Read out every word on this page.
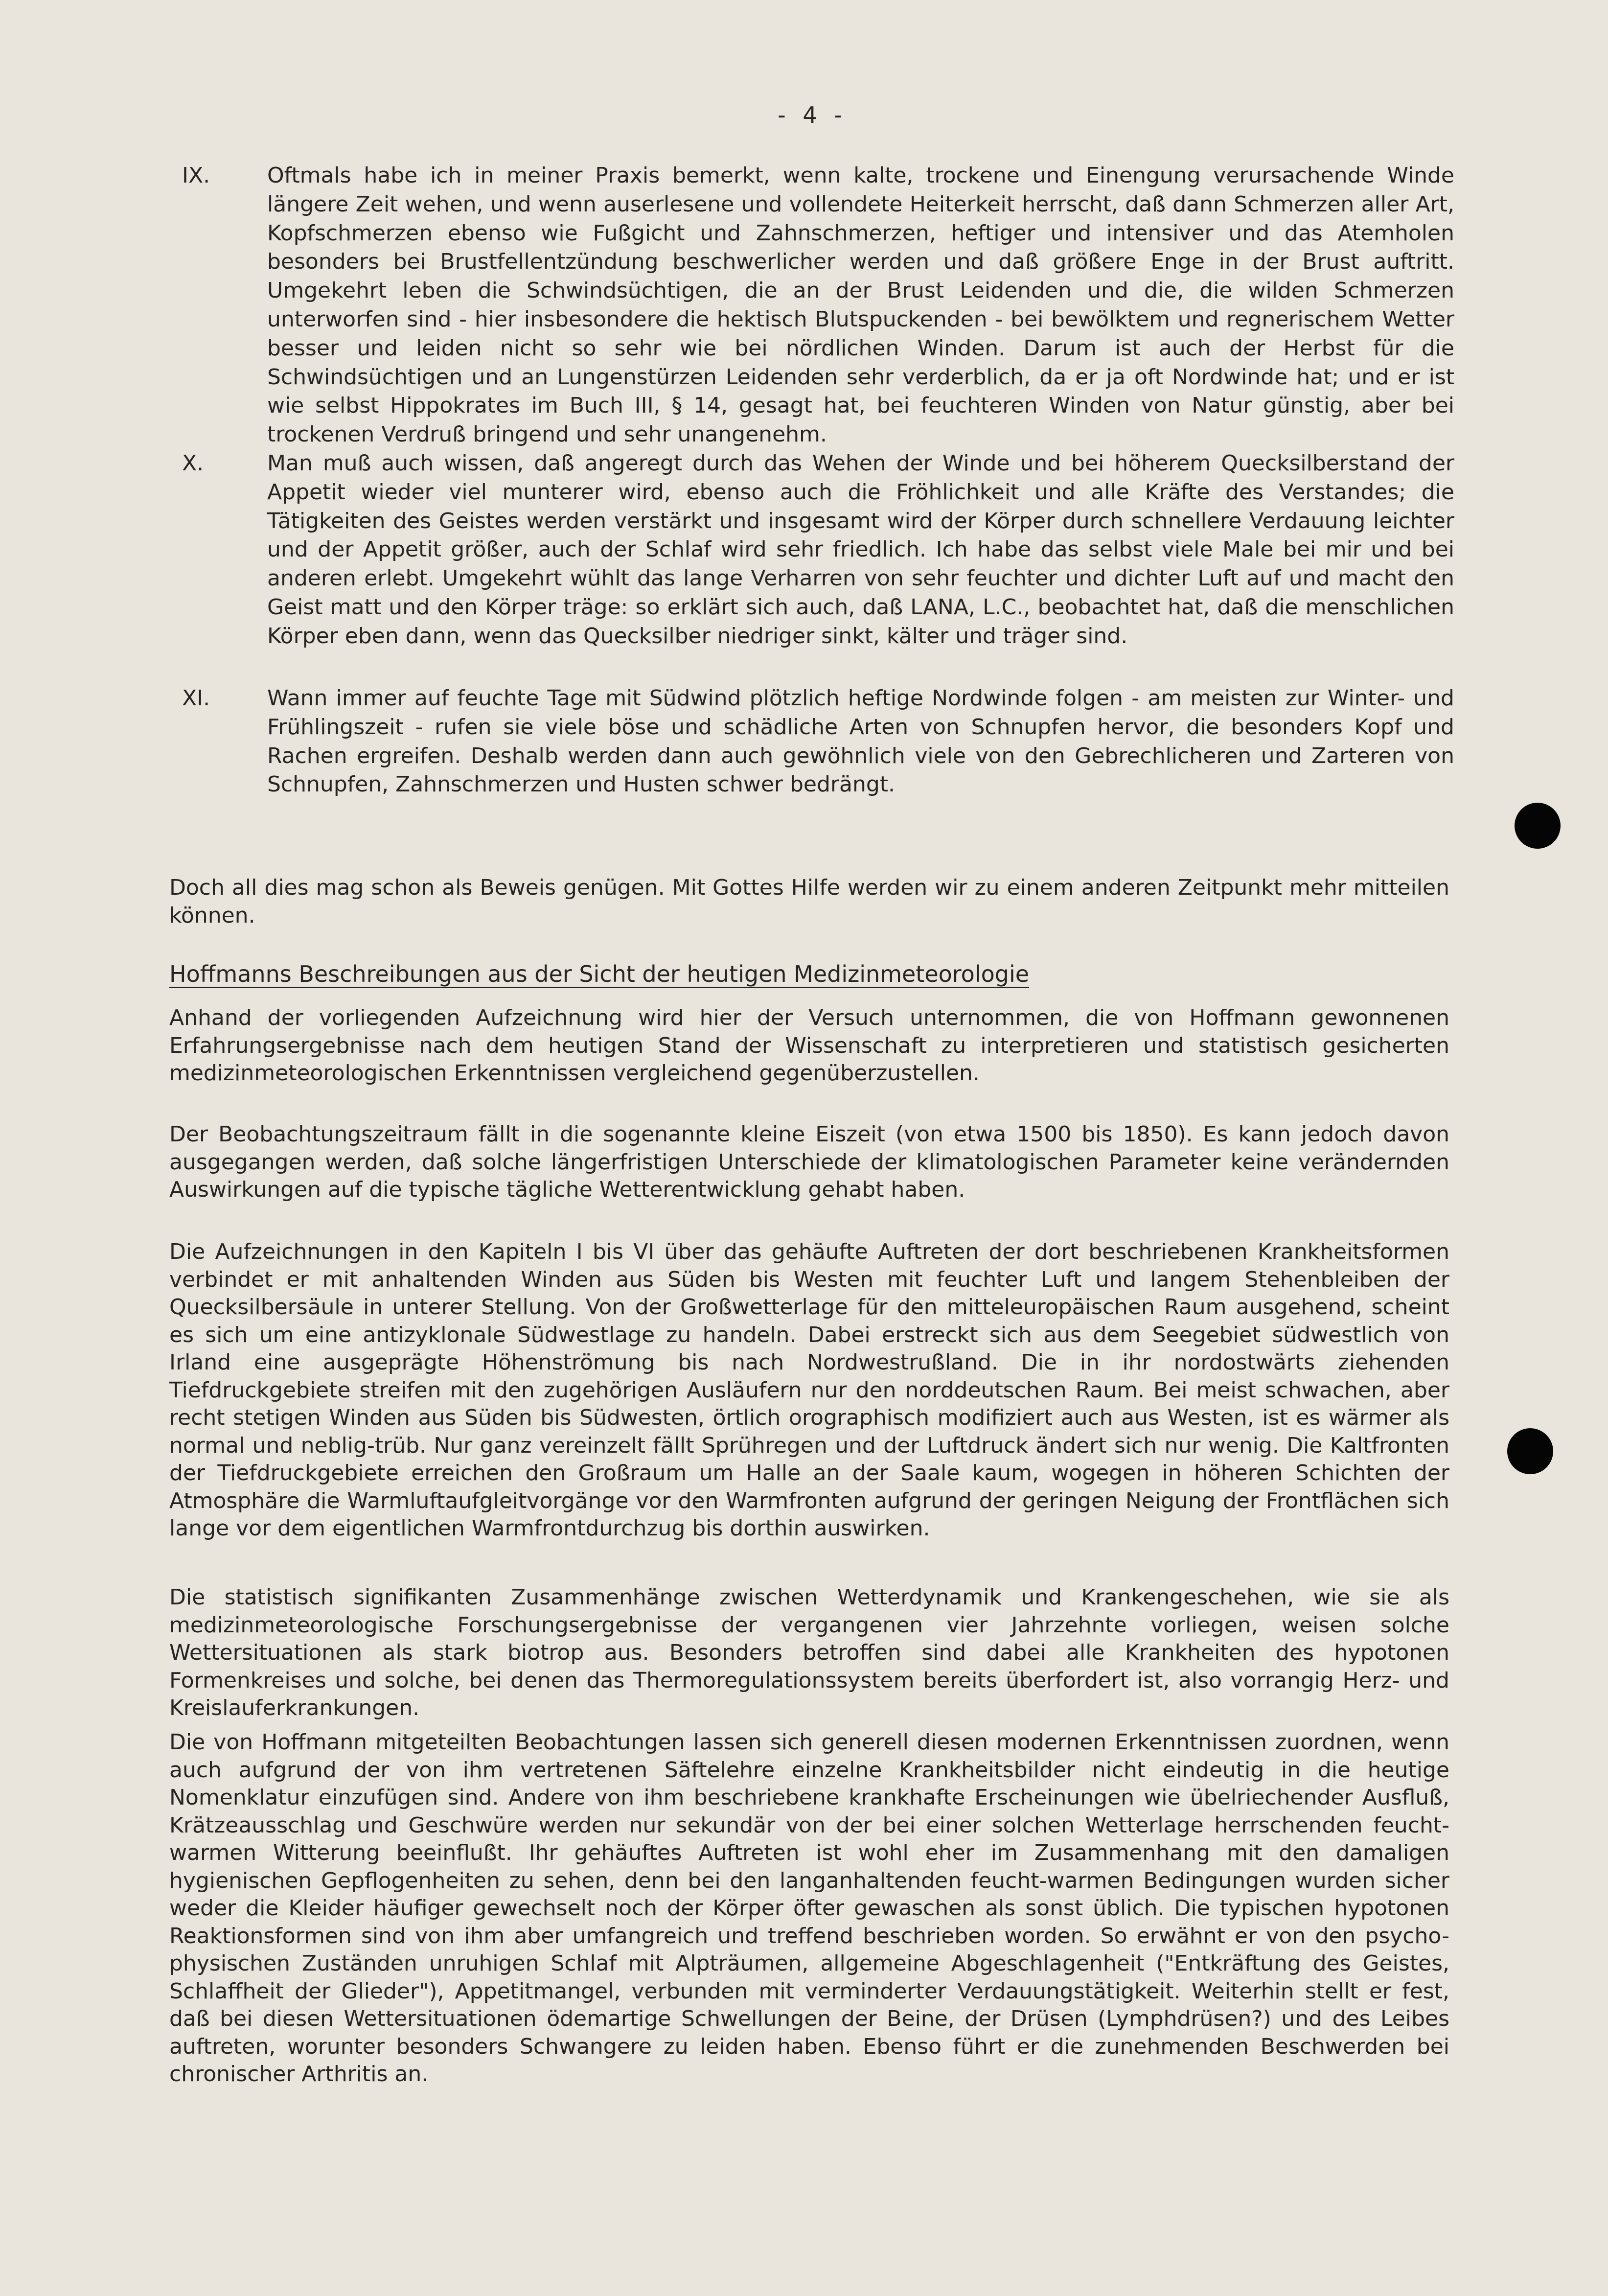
- 4 -
IX.	Oftmals habe ich in meiner Praxis bemerkt, wenn kalte, trockene und Einengung verursachende Winde längere Zeit wehen, und wenn auserlesene und vollendete Heiterkeit herrscht, daß dann Schmerzen aller Art, Kopfschmerzen ebenso wie Fußgicht und Zahnschmerzen, heftiger und intensiver und das Atemholen besonders bei Brustfellentzündung beschwerlicher werden und daß größere Enge in der Brust auftritt. Umgekehrt leben die Schwindsüchtigen, die an der Brust Leidenden und die, die wilden Schmerzen unterworfen sind - hier insbesondere die hektisch Blutspuckenden - bei bewölktem und regnerischem Wetter besser und leiden nicht so sehr wie bei nördlichen Winden. Darum ist auch der Herbst für die Schwindsüchtigen und an Lungenstürzen Leidenden sehr verderblich, da er ja oft Nordwinde hat; und er ist wie selbst Hippokrates im Buch III, § 14, gesagt hat, bei feuchteren Winden von Natur günstig, aber bei trockenen Verdruß bringend und sehr unangenehm.
X.	Man muß auch wissen, daß angeregt durch das Wehen der Winde und bei höherem Quecksilberstand der Appetit wieder viel munterer wird, ebenso auch die Fröhlichkeit und alle Kräfte des Verstandes; die Tätigkeiten des Geistes werden verstärkt und insgesamt wird der Körper durch schnellere Verdauung leichter und der Appetit größer, auch der Schlaf wird sehr friedlich. Ich habe das selbst viele Male bei mir und bei anderen erlebt. Umgekehrt wühlt das lange Verharren von sehr feuchter und dichter Luft auf und macht den Geist matt und den Körper träge: so erklärt sich auch, daß LANA, L.C., beobachtet hat, daß die menschlichen Körper eben dann, wenn das Quecksilber niedriger sinkt, kälter und träger sind.
XI.	Wann immer auf feuchte Tage mit Südwind plötzlich heftige Nordwinde folgen - am meisten zur Winter- und Frühlingszeit - rufen sie viele böse und schädliche Arten von Schnupfen hervor, die besonders Kopf und Rachen ergreifen. Deshalb werden dann auch gewöhnlich viele von den Gebrechlicheren und Zarteren von Schnupfen, Zahnschmerzen und Husten schwer bedrängt.
Doch all dies mag schon als Beweis genügen. Mit Gottes Hilfe werden wir zu einem anderen Zeitpunkt mehr mitteilen können.
Hoffmanns Beschreibungen aus der Sicht der heutigen Medizinmeteorologie
Anhand der vorliegenden Aufzeichnung wird hier der Versuch unternommen, die von Hoffmann gewonnenen Erfahrungsergebnisse nach dem heutigen Stand der Wissenschaft zu interpretieren und statistisch gesicherten medizinmeteorologischen Erkenntnissen vergleichend gegenüberzustellen.
Der Beobachtungszeitraum fällt in die sogenannte kleine Eiszeit (von etwa 1500 bis 1850). Es kann jedoch davon ausgegangen werden, daß solche längerfristigen Unterschiede der klimatologischen Parameter keine verändernden Auswirkungen auf die typische tägliche Wetterentwicklung gehabt haben.
Die Aufzeichnungen in den Kapiteln I bis VI über das gehäufte Auftreten der dort beschriebenen Krankheitsformen verbindet er mit anhaltenden Winden aus Süden bis Westen mit feuchter Luft und langem Stehenbleiben der Quecksilbersäule in unterer Stellung. Von der Großwetterlage für den mitteleuropäischen Raum ausgehend, scheint es sich um eine antizyklonale Südwestlage zu handeln. Dabei erstreckt sich aus dem Seegebiet südwestlich von Irland eine ausgeprägte Höhenströmung bis nach Nordwestrußland. Die in ihr nordostwärts ziehenden Tiefdruckgebiete streifen mit den zugehörigen Ausläufern nur den norddeutschen Raum. Bei meist schwachen, aber recht stetigen Winden aus Süden bis Südwesten, örtlich orographisch modifiziert auch aus Westen, ist es wärmer als normal und neblig-trüb. Nur ganz vereinzelt fällt Sprühregen und der Luftdruck ändert sich nur wenig. Die Kaltfronten der Tiefdruckgebiete erreichen den Großraum um Halle an der Saale kaum, wogegen in höheren Schichten der Atmosphäre die Warmluftaufgleitvorgänge vor den Warmfronten aufgrund der geringen Neigung der Frontflächen sich lange vor dem eigentlichen Warmfrontdurchzug bis dorthin auswirken.
Die statistisch signifikanten Zusammenhänge zwischen Wetterdynamik und Krankengeschehen, wie sie als medizinmeteorologische Forschungsergebnisse der vergangenen vier Jahrzehnte vorliegen, weisen solche Wettersituationen als stark biotrop aus. Besonders betroffen sind dabei alle Krankheiten des hypotonen Formenkreises und solche, bei denen das Thermoregulationssystem bereits überfordert ist, also vorrangig Herz- und Kreislauferkrankungen.
Die von Hoffmann mitgeteilten Beobachtungen lassen sich generell diesen modernen Erkenntnissen zuordnen, wenn auch aufgrund der von ihm vertretenen Säftelehre einzelne Krankheitsbilder nicht eindeutig in die heutige Nomenklatur einzufügen sind. Andere von ihm beschriebene krankhafte Erscheinungen wie übelriechender Ausfluß, Krätzeausschlag und Geschwüre werden nur sekundär von der bei einer solchen Wetterlage herrschenden feucht-warmen Witterung beeinflußt. Ihr gehäuftes Auftreten ist wohl eher im Zusammenhang mit den damaligen hygienischen Gepflogenheiten zu sehen, denn bei den langanhaltenden feucht-warmen Bedingungen wurden sicher weder die Kleider häufiger gewechselt noch der Körper öfter gewaschen als sonst üblich. Die typischen hypotonen Reaktionsformen sind von ihm aber umfangreich und treffend beschrieben worden. So erwähnt er von den psycho-physischen Zuständen unruhigen Schlaf mit Alpträumen, allgemeine Abgeschlagenheit ("Entkräftung des Geistes, Schlaffheit der Glieder"), Appetitmangel, verbunden mit verminderter Verdauungstätigkeit. Weiterhin stellt er fest, daß bei diesen Wettersituationen ödemartige Schwellungen der Beine, der Drüsen (Lymphdrüsen?) und des Leibes auftreten, worunter besonders Schwangere zu leiden haben. Ebenso führt er die zunehmenden Beschwerden bei chronischer Arthritis an.
